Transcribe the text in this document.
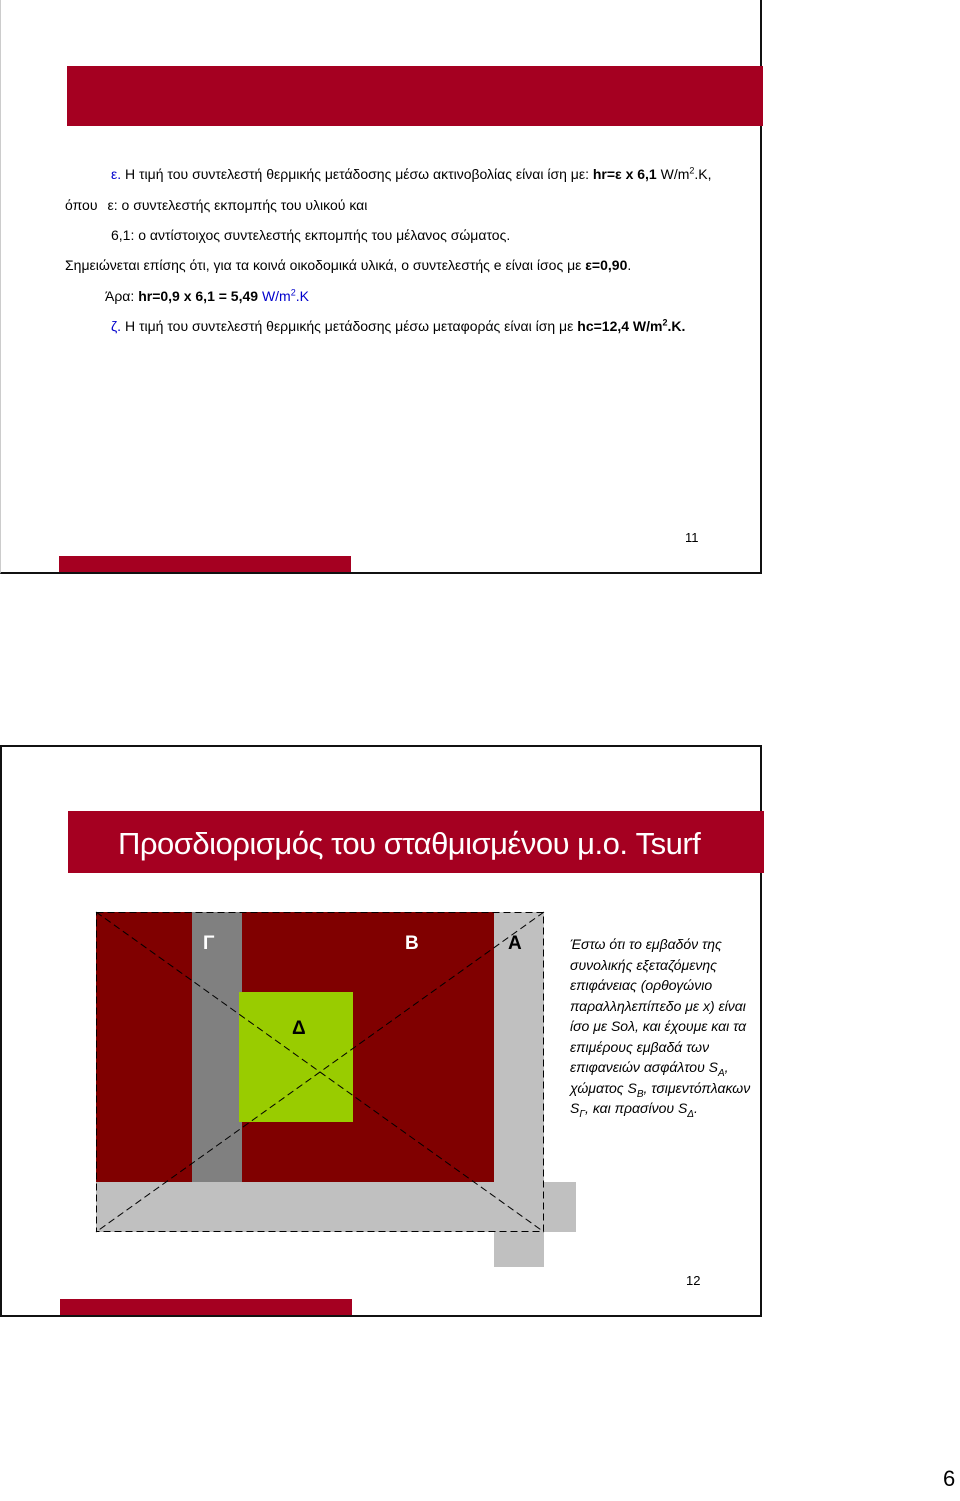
ε. Η τιμή του συντελεστή θερμικής μετάδοσης μέσω ακτινοβολίας είναι ίση με: hr=ε x 6,1 $W/m^2.K$,
όπου ε: ο συντελεστής εκπομπής του υλικού και
6,1: ο αντίστοιχος συντελεστής εκπομπής του μέλανος σώματος.
Σημειώνεται επίσης ότι, για τα κοινά οικοδομικά υλικά, ο συντελεστής e είναι ίσος με ε=0,90.
Άρα: hr=0,9 x 6,1 = 5,49 $W/m^2.K$
ζ. Η τιμή του συντελεστή θερμικής μετάδοσης μέσω μεταφοράς είναι ίση με hc=12,4 $W/m^2.K$.
11
Προσδιορισμός του σταθμισμένου μ.ο. Tsurf
Γ	Β	Α
Δ
Έστω ότι το εμβαδόν της συνολικής εξεταζόμενης επιφάνειας (ορθογώνιο παραλληλεπίπεδο με x) είναι ίσο με Sολ, και έχουμε και τα επιμέρους εμβαδά των επιφανειών ασφάλτου $S_A$, χώματος $S_B$, τσιμεντόπλακων $S_\Gamma$, και πρασίνου $S_\Delta$.
12
6
